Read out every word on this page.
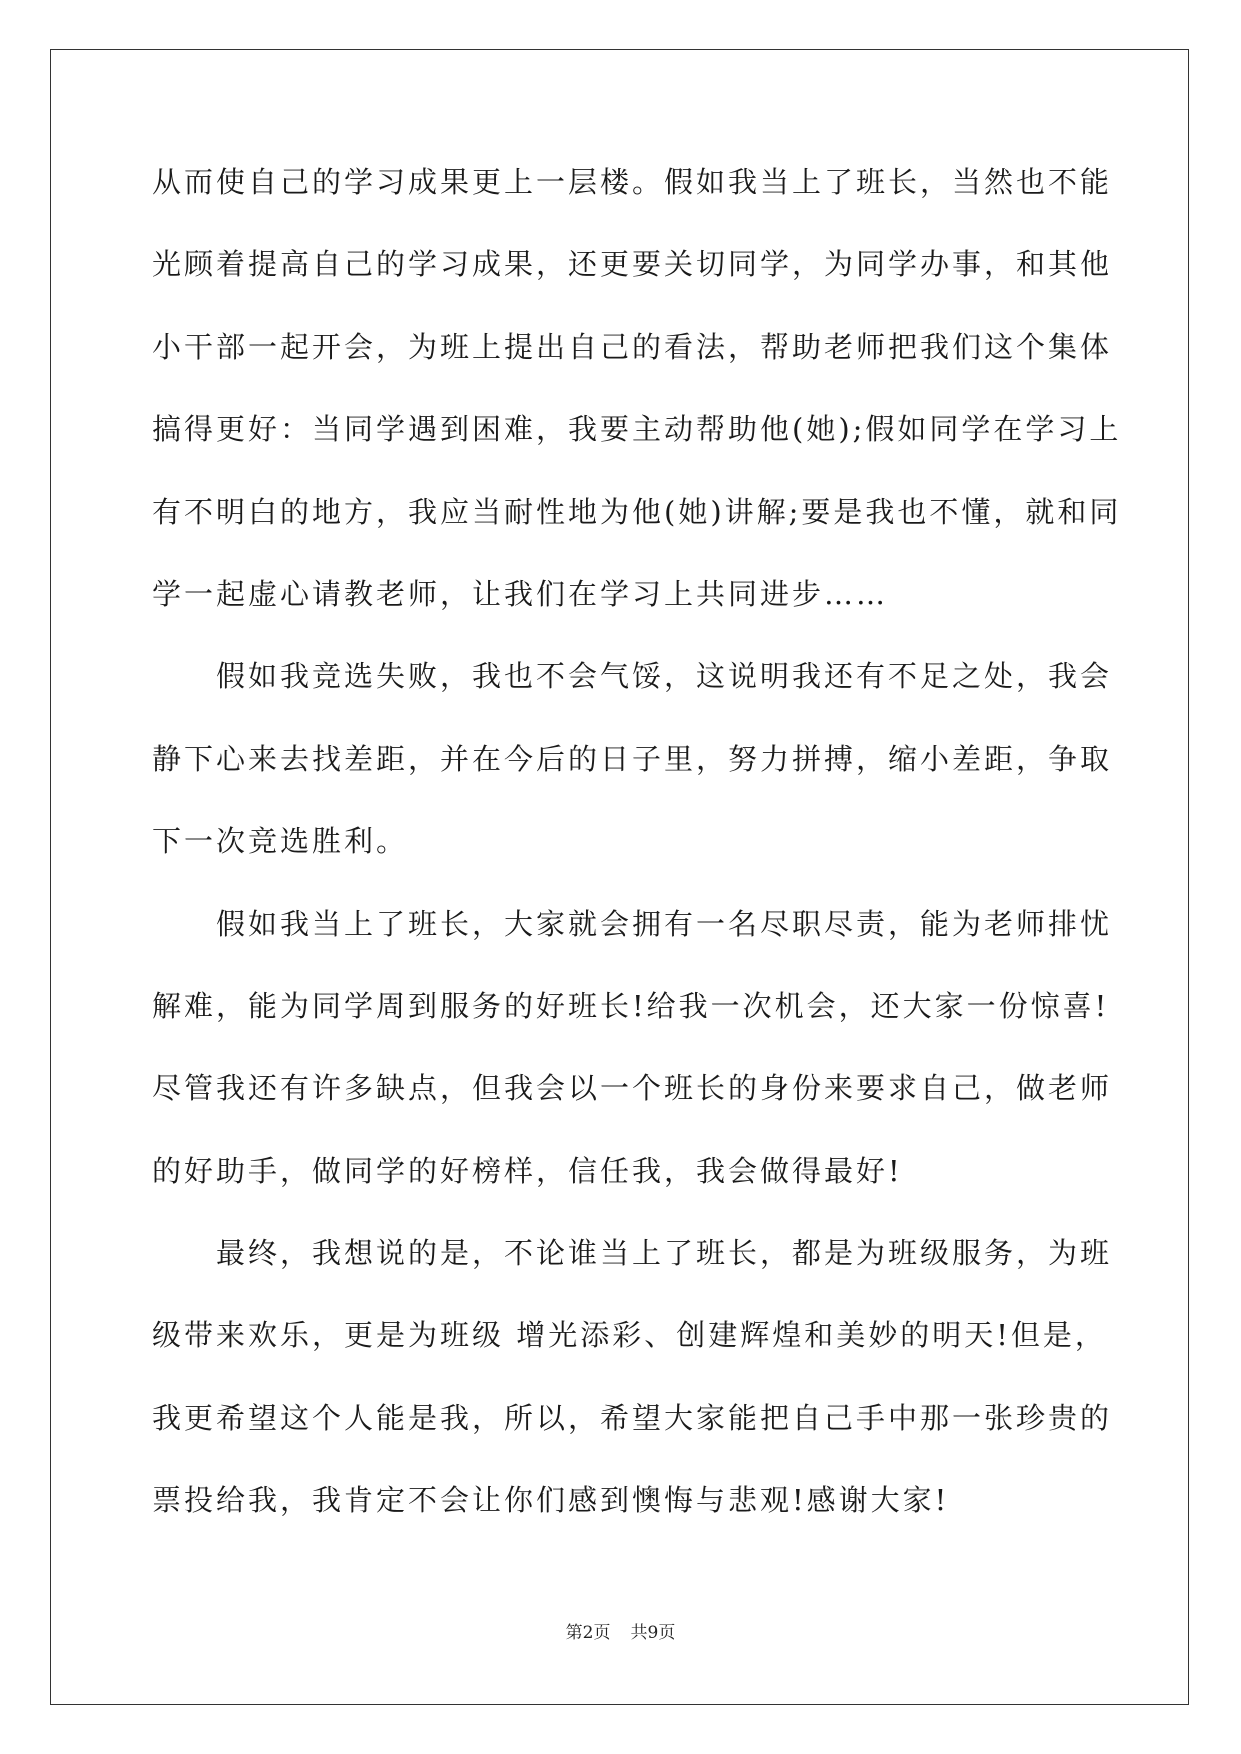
从而使自己的学习成果更上一层楼。假如我当上了班长，当然也不能
光顾着提高自己的学习成果，还更要关切同学，为同学办事，和其他
小干部一起开会，为班上提出自己的看法，帮助老师把我们这个集体
搞得更好：当同学遇到困难，我要主动帮助他(她);假如同学在学习上
有不明白的地方，我应当耐性地为他(她)讲解;要是我也不懂，就和同
学一起虚心请教老师，让我们在学习上共同进步……
假如我竞选失败，我也不会气馁，这说明我还有不足之处，我会
静下心来去找差距，并在今后的日子里，努力拼搏，缩小差距，争取
下一次竞选胜利。
假如我当上了班长，大家就会拥有一名尽职尽责，能为老师排忧
解难，能为同学周到服务的好班长!给我一次机会，还大家一份惊喜!
尽管我还有许多缺点，但我会以一个班长的身份来要求自己，做老师
的好助手，做同学的好榜样，信任我，我会做得最好!
最终，我想说的是，不论谁当上了班长，都是为班级服务，为班
级带来欢乐，更是为班级 增光添彩、创建辉煌和美妙的明天!但是，
我更希望这个人能是我，所以，希望大家能把自己手中那一张珍贵的
票投给我，我肯定不会让你们感到懊悔与悲观!感谢大家!
第2页 共9页
